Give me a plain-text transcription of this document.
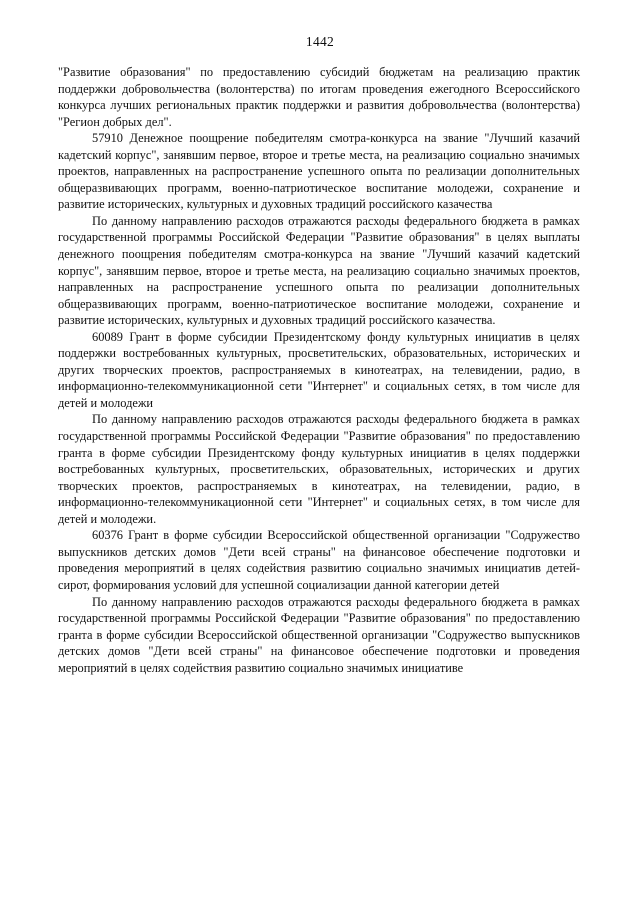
1442

"Развитие образования" по предоставлению субсидий бюджетам на реализацию практик поддержки добровольчества (волонтерства) по итогам проведения ежегодного Всероссийского конкурса лучших региональных практик поддержки и развития добровольчества (волонтерства) "Регион добрых дел".

57910 Денежное поощрение победителям смотра-конкурса на звание "Лучший казачий кадетский корпус", занявшим первое, второе и третье места, на реализацию социально значимых проектов, направленных на распространение успешного опыта по реализации дополнительных общеразвивающих программ, военно-патриотическое воспитание молодежи, сохранение и развитие исторических, культурных и духовных традиций российского казачества

По данному направлению расходов отражаются расходы федерального бюджета в рамках государственной программы Российской Федерации "Развитие образования" в целях выплаты денежного поощрения победителям смотра-конкурса на звание "Лучший казачий кадетский корпус", занявшим первое, второе и третье места, на реализацию социально значимых проектов, направленных на распространение успешного опыта по реализации дополнительных общеразвивающих программ, военно-патриотическое воспитание молодежи, сохранение и развитие исторических, культурных и духовных традиций российского казачества.

60089 Грант в форме субсидии Президентскому фонду культурных инициатив в целях поддержки востребованных культурных, просветительских, образовательных, исторических и других творческих проектов, распространяемых в кинотеатрах, на телевидении, радио, в информационно-телекоммуникационной сети "Интернет" и социальных сетях, в том числе для детей и молодежи

По данному направлению расходов отражаются расходы федерального бюджета в рамках государственной программы Российской Федерации "Развитие образования" по предоставлению гранта в форме субсидии Президентскому фонду культурных инициатив в целях поддержки востребованных культурных, просветительских, образовательных, исторических и других творческих проектов, распространяемых в кинотеатрах, на телевидении, радио, в информационно-телекоммуникационной сети "Интернет" и социальных сетях, в том числе для детей и молодежи.

60376 Грант в форме субсидии Всероссийской общественной организации "Содружество выпускников детских домов "Дети всей страны" на финансовое обеспечение подготовки и проведения мероприятий в целях содействия развитию социально значимых инициатив детей-сирот, формирования условий для успешной социализации данной категории детей

По данному направлению расходов отражаются расходы федерального бюджета в рамках государственной программы Российской Федерации "Развитие образования" по предоставлению гранта в форме субсидии Всероссийской общественной организации "Содружество выпускников детских домов "Дети всей страны" на финансовое обеспечение подготовки и проведения мероприятий в целях содействия развитию социально значимых инициативе
